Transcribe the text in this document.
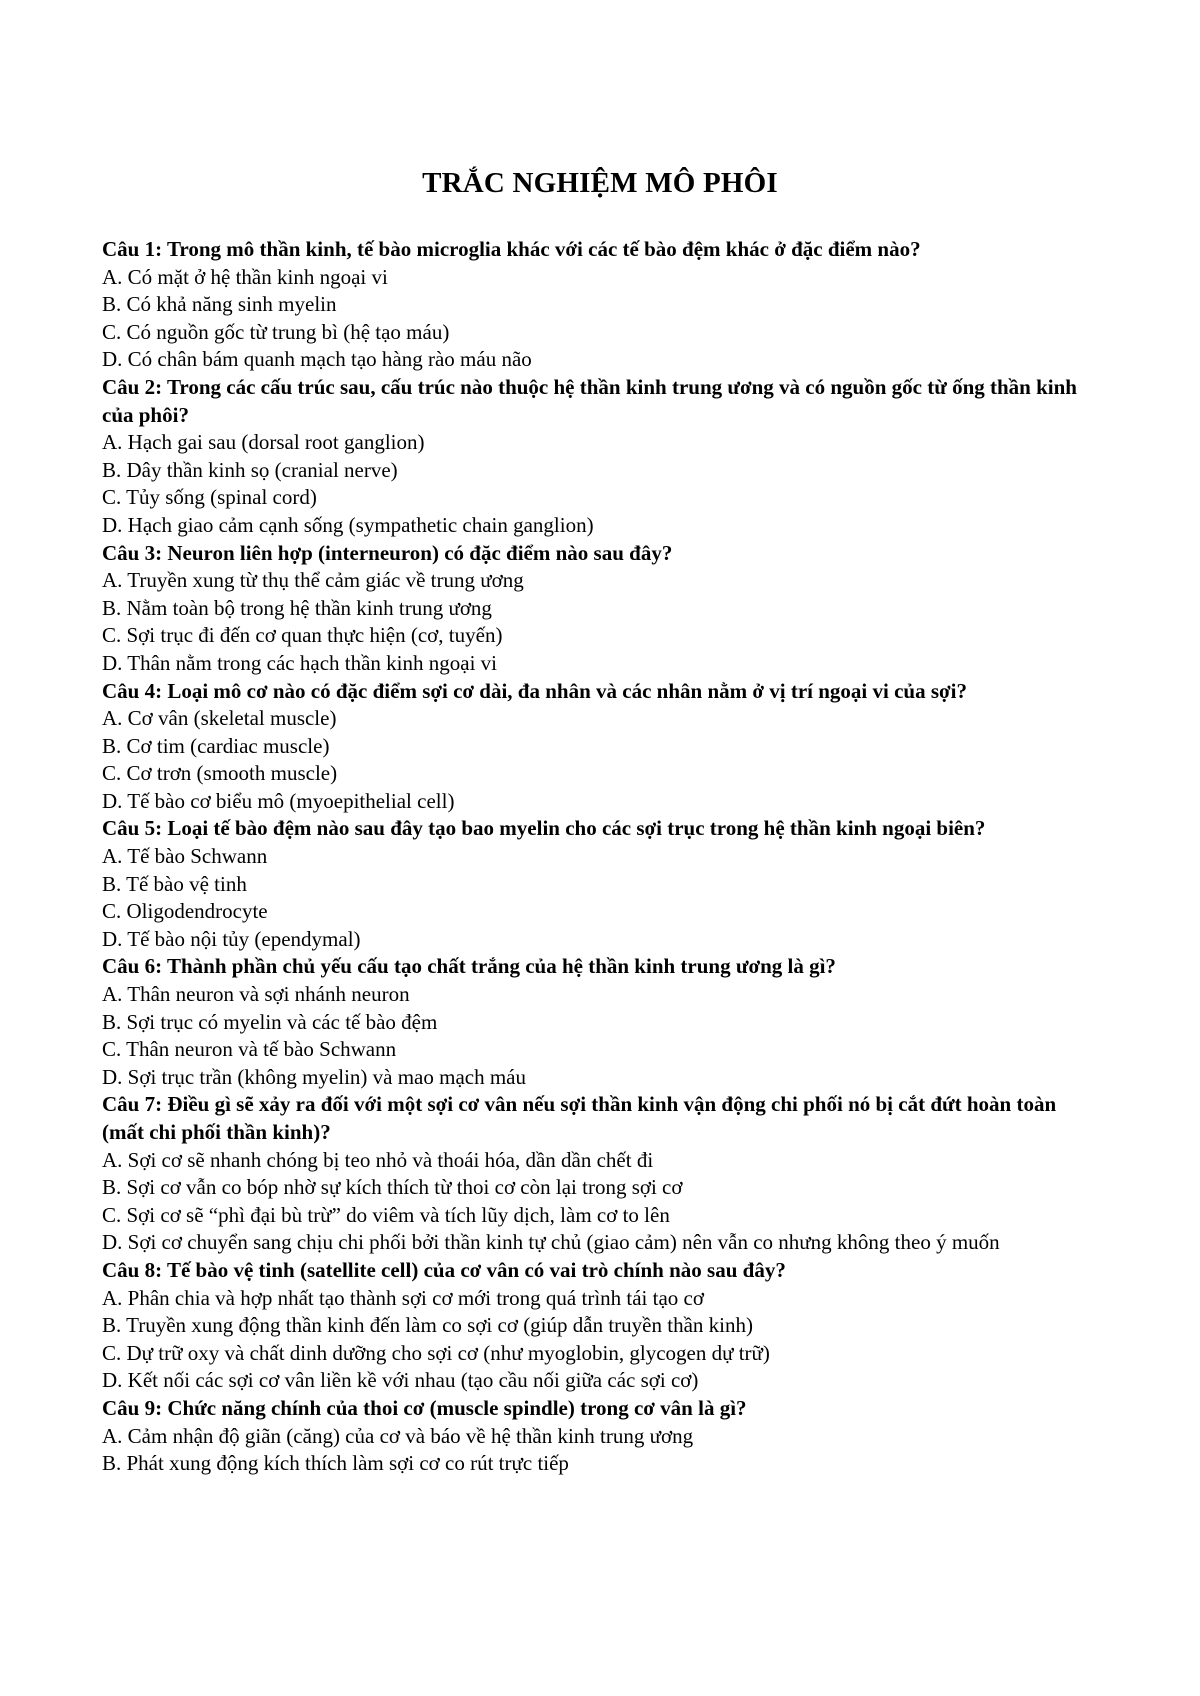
TRẮC NGHIỆM MÔ PHÔI
Câu 1: Trong mô thần kinh, tế bào microglia khác với các tế bào đệm khác ở đặc điểm nào?
A. Có mặt ở hệ thần kinh ngoại vi
B. Có khả năng sinh myelin
C. Có nguồn gốc từ trung bì (hệ tạo máu)
D. Có chân bám quanh mạch tạo hàng rào máu não
Câu 2: Trong các cấu trúc sau, cấu trúc nào thuộc hệ thần kinh trung ương và có nguồn gốc từ ống thần kinh của phôi?
A. Hạch gai sau (dorsal root ganglion)
B. Dây thần kinh sọ (cranial nerve)
C. Tủy sống (spinal cord)
D. Hạch giao cảm cạnh sống (sympathetic chain ganglion)
Câu 3: Neuron liên hợp (interneuron) có đặc điểm nào sau đây?
A. Truyền xung từ thụ thể cảm giác về trung ương
B. Nằm toàn bộ trong hệ thần kinh trung ương
C. Sợi trục đi đến cơ quan thực hiện (cơ, tuyến)
D. Thân nằm trong các hạch thần kinh ngoại vi
Câu 4: Loại mô cơ nào có đặc điểm sợi cơ dài, đa nhân và các nhân nằm ở vị trí ngoại vi của sợi?
A. Cơ vân (skeletal muscle)
B. Cơ tim (cardiac muscle)
C. Cơ trơn (smooth muscle)
D. Tế bào cơ biểu mô (myoepithelial cell)
Câu 5: Loại tế bào đệm nào sau đây tạo bao myelin cho các sợi trục trong hệ thần kinh ngoại biên?
A. Tế bào Schwann
B. Tế bào vệ tinh
C. Oligodendrocyte
D. Tế bào nội tủy (ependymal)
Câu 6: Thành phần chủ yếu cấu tạo chất trắng của hệ thần kinh trung ương là gì?
A. Thân neuron và sợi nhánh neuron
B. Sợi trục có myelin và các tế bào đệm
C. Thân neuron và tế bào Schwann
D. Sợi trục trần (không myelin) và mao mạch máu
Câu 7: Điều gì sẽ xảy ra đối với một sợi cơ vân nếu sợi thần kinh vận động chi phối nó bị cắt đứt hoàn toàn (mất chi phối thần kinh)?
A. Sợi cơ sẽ nhanh chóng bị teo nhỏ và thoái hóa, dần dần chết đi
B. Sợi cơ vẫn co bóp nhờ sự kích thích từ thoi cơ còn lại trong sợi cơ
C. Sợi cơ sẽ “phì đại bù trừ” do viêm và tích lũy dịch, làm cơ to lên
D. Sợi cơ chuyển sang chịu chi phối bởi thần kinh tự chủ (giao cảm) nên vẫn co nhưng không theo ý muốn
Câu 8: Tế bào vệ tinh (satellite cell) của cơ vân có vai trò chính nào sau đây?
A. Phân chia và hợp nhất tạo thành sợi cơ mới trong quá trình tái tạo cơ
B. Truyền xung động thần kinh đến làm co sợi cơ (giúp dẫn truyền thần kinh)
C. Dự trữ oxy và chất dinh dưỡng cho sợi cơ (như myoglobin, glycogen dự trữ)
D. Kết nối các sợi cơ vân liền kề với nhau (tạo cầu nối giữa các sợi cơ)
Câu 9: Chức năng chính của thoi cơ (muscle spindle) trong cơ vân là gì?
A. Cảm nhận độ giãn (căng) của cơ và báo về hệ thần kinh trung ương
B. Phát xung động kích thích làm sợi cơ co rút trực tiếp
